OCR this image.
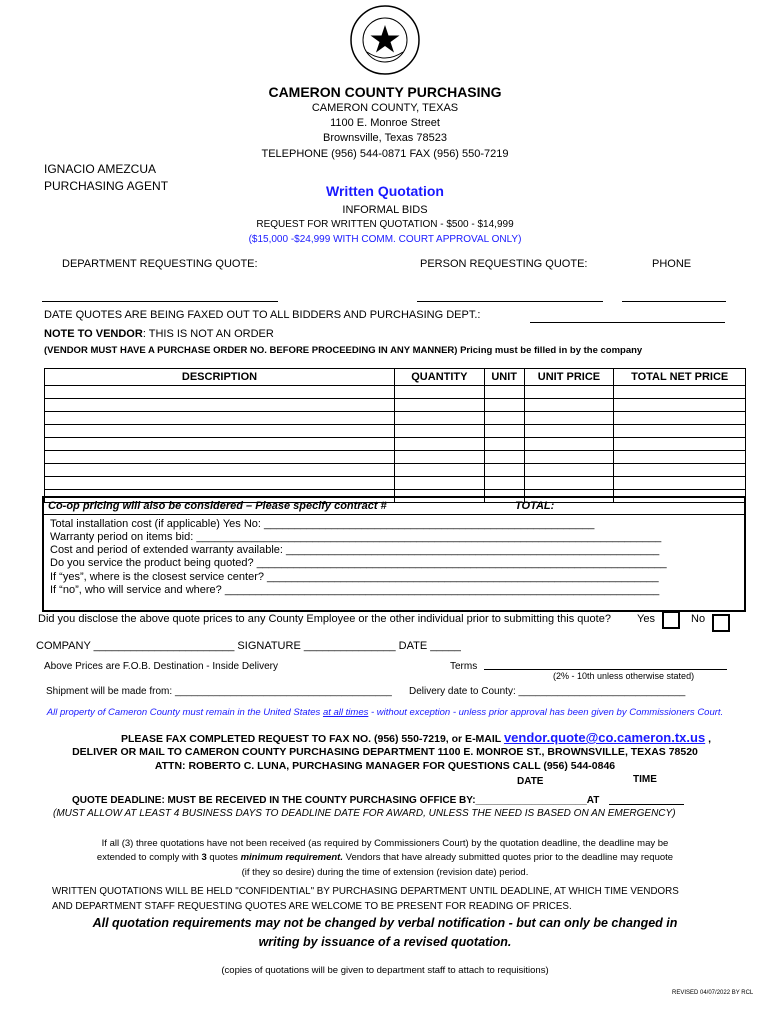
CAMERON COUNTY PURCHASING
CAMERON COUNTY, TEXAS
1100 E. Monroe Street
Brownsville, Texas 78523
TELEPHONE (956) 544-0871 FAX (956) 550-7219
IGNACIO AMEZCUA
PURCHASING AGENT	Written Quotation
INFORMAL BIDS
REQUEST FOR WRITTEN QUOTATION - $500 - $14,999
($15,000 -$24,999 WITH COMM. COURT APPROVAL ONLY)
DEPARTMENT REQUESTING QUOTE:	PERSON REQUESTING QUOTE:	PHONE
DATE QUOTES ARE BEING FAXED OUT TO ALL BIDDERS AND PURCHASING DEPT.:
NOTE TO VENDOR: THIS IS NOT AN ORDER
(VENDOR MUST HAVE A PURCHASE ORDER NO. BEFORE PROCEEDING IN ANY MANNER) Pricing must be filled in by the company
DESCRIPTION	QUANTITY	UNIT	UNIT PRICE	TOTAL NET PRICE

Co-op pricing will also be considered – Please specify contract #	TOTAL:
Total installation cost (if applicable) Yes No: ______________________________________________________
Warranty period on items bid: ____________________________________________________________________________
Cost and period of extended warranty available: _____________________________________________________________
Do you service the product being quoted? ___________________________________________________________________
If “yes”, where is the closest service center? ________________________________________________________________
If “no”, who will service and where? _______________________________________________________________________
Did you disclose the above quote prices to any County Employee or the other individual prior to submitting this quote? Yes	No
COMPANY _______________________ SIGNATURE _______________ DATE _____
Above Prices are F.O.B. Destination - Inside Delivery	Terms
(2% - 10th unless otherwise stated)
Shipment will be made from: _______________________________________ Delivery date to County: ______________________________
All property of Cameron County must remain in the United States at all times - without exception - unless prior approval has been given by Commissioners Court.
PLEASE FAX COMPLETED REQUEST TO FAX NO. (956) 550-7219, or E-MAIL vendor.quote@co.cameron.tx.us ,
DELIVER OR MAIL TO CAMERON COUNTY PURCHASING DEPARTMENT 1100 E. MONROE ST., BROWNSVILLE, TEXAS 78520
ATTN: ROBERTO C. LUNA, PURCHASING MANAGER FOR QUESTIONS CALL (956) 544-0846
DATE	TIME
QUOTE DEADLINE: MUST BE RECEIVED IN THE COUNTY PURCHASING OFFICE BY:____________________AT
(MUST ALLOW AT LEAST 4 BUSINESS DAYS TO DEADLINE DATE FOR AWARD, UNLESS THE NEED IS BASED ON AN EMERGENCY)
If all (3) three quotations have not been received (as required by Commissioners Court) by the quotation deadline, the deadline may be
extended to comply with 3 quotes minimum requirement. Vendors that have already submitted quotes prior to the deadline may requote
(if they so desire) during the time of extension (revision date) period.
WRITTEN QUOTATIONS WILL BE HELD "CONFIDENTIAL" BY PURCHASING DEPARTMENT UNTIL DEADLINE, AT WHICH TIME VENDORS
AND DEPARTMENT STAFF REQUESTING QUOTES ARE WELCOME TO BE PRESENT FOR READING OF PRICES.
All quotation requirements may not be changed by verbal notification - but can only be changed in
writing by issuance of a revised quotation.
(copies of quotations will be given to department staff to attach to requisitions)
REVISED 04/07/2022 BY RCL
